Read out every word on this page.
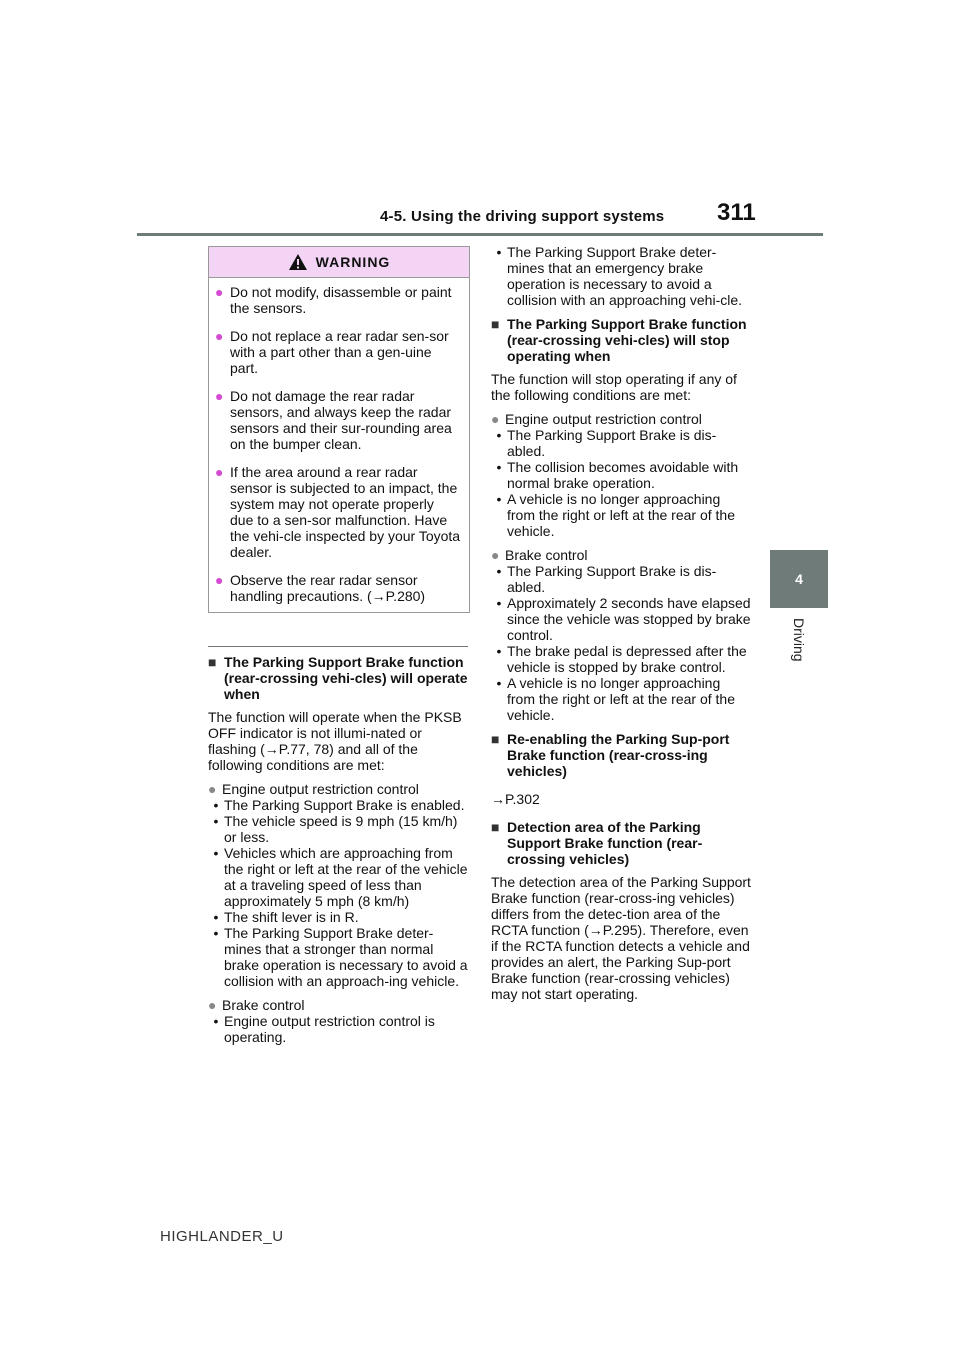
4-5. Using the driving support systems 311
4
Driving
WARNING
● Do not modify, disassemble or paint the sensors.
● Do not replace a rear radar sen-sor with a part other than a gen-uine part.
● Do not damage the rear radar sensors, and always keep the radar sensors and their sur-rounding area on the bumper clean.
● If the area around a rear radar sensor is subjected to an impact, the system may not operate properly due to a sen-sor malfunction. Have the vehi-cle inspected by your Toyota dealer.
● Observe the rear radar sensor handling precautions. (→P.280)
■ The Parking Support Brake function (rear-crossing vehi-cles) will operate when

The function will operate when the PKSB OFF indicator is not illumi-nated or flashing (→P.77, 78) and all of the following conditions are met:

● Engine output restriction control
• The Parking Support Brake is enabled.
• The vehicle speed is 9 mph (15 km/h) or less.
• Vehicles which are approaching from the right or left at the rear of the vehicle at a traveling speed of less than approximately 5 mph (8 km/h)
• The shift lever is in R.
• The Parking Support Brake deter-mines that a stronger than normal brake operation is necessary to avoid a collision with an approach-ing vehicle.
● Brake control
• Engine output restriction control is operating.
• The Parking Support Brake deter-mines that an emergency brake operation is necessary to avoid a collision with an approaching vehi-cle.
■ The Parking Support Brake function (rear-crossing vehi-cles) will stop operating when

The function will stop operating if any of the following conditions are met:

● Engine output restriction control
• The Parking Support Brake is dis-abled.
• The collision becomes avoidable with normal brake operation.
• A vehicle is no longer approaching from the right or left at the rear of the vehicle.
● Brake control
• The Parking Support Brake is dis-abled.
• Approximately 2 seconds have elapsed since the vehicle was stopped by brake control.
• The brake pedal is depressed after the vehicle is stopped by brake control.
• A vehicle is no longer approaching from the right or left at the rear of the vehicle.
■ Re-enabling the Parking Sup-port Brake function (rear-cross-ing vehicles)

→P.302

■ Detection area of the Parking Support Brake function (rear-crossing vehicles)

The detection area of the Parking Support Brake function (rear-cross-ing vehicles) differs from the detec-tion area of the RCTA function (→P.295). Therefore, even if the RCTA function detects a vehicle and provides an alert, the Parking Sup-port Brake function (rear-crossing vehicles) may not start operating.

HIGHLANDER_U
